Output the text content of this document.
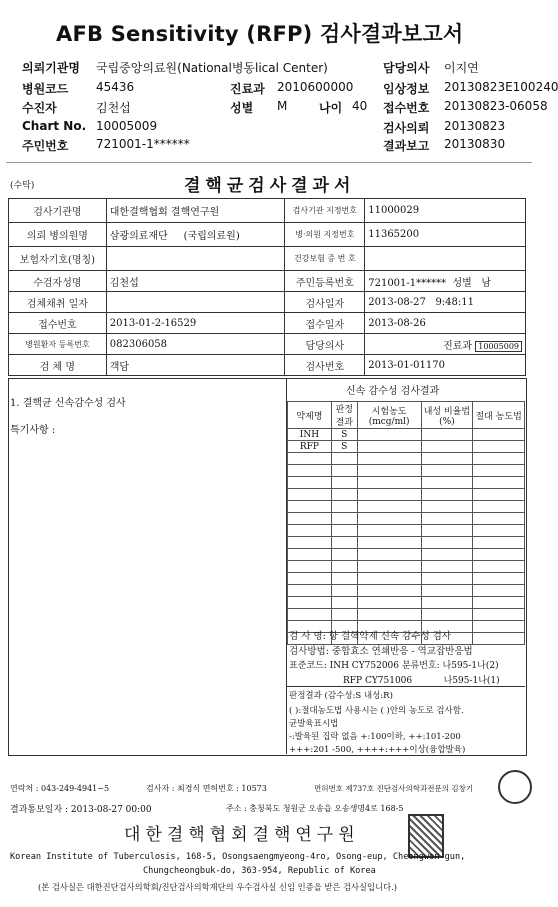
AFB Sensitivity (RFP) 검사결과보고서
의뢰기관명 국립중앙의료원(National병동lical Center)	담당의사 이지연
병원코드 45436	진료과 2010600000 임상정보 20130823E100240
수진자	김천섭	성별 M	나이 40 접수번호 20130823-06058
Chart No. 10005009	검사의뢰 20130823
주민번호 721001-1******	결과보고 20130830
(수탁)	결핵균검사결과서
검사기관명	대한결핵협회 결핵연구원	검사기관 지정번호	11000029
의뢰 병의원명	삼광의료재단 (국립의료원)	병·의원 지정번호	11365200
보험자기호(명칭)		건강보험 증 번 호	
수검자성명	김천섭	주민등록번호	721001-1****** 성별 남
검체채취 일자		검사일자	2013-08-27 9:48:11
접수번호	2013-01-2-16529	접수일자	2013-08-26
병원환자 등록번호	082306058	담당의사	진료과 10005009
검 체 명	객담	검사번호	2013-01-01170
1. 결핵균 신속감수성 검사
특기사항 :
신속 감수성 검사결과
약제명	판정결과	시험농도 (mcg/ml)	내성 비율법(%)	절대 농도법
INH	S			
RFP	S			

검 사 명: 항 결핵약제 신속 감수성 검사
검사방법: 중합효소 연쇄반응 - 역교잡반응법
표준코드: INH CY752006 분류번호: 나595-1나(2)
RFP CY751006           나595-1나(1)
판정결과 (감수성:S 내성:R)
( ):절대농도법 사용시는 ( )안의 농도로 검사함.
균발육표시법
-:발육된 집락 없음 +:100이하, ++:101-200
+++:201 -500, ++++:+++이상(융합발육)
연락처 : 043-249-4941~5	검사자 : 최경식 면허번호 : 10573	면허번호 제737호 진단검사의학과전문의 김창기
결과통보일자 : 2013-08-27 00:00	주소 : 충청북도 청원군 오송읍 오송생명4로 168-5
대한결핵협회결핵연구원
Korean Institute of Tuberculosis, 168-5, Osongsaengmyeong-4ro, Osong-eup, Cheongwon-gun,
Chungcheongbuk-do, 363-954, Republic of Korea
(본 검사실은 대한진단검사의학회/진단검사의학재단의 우수검사실 신임 인증을 받은 검사실입니다.)
